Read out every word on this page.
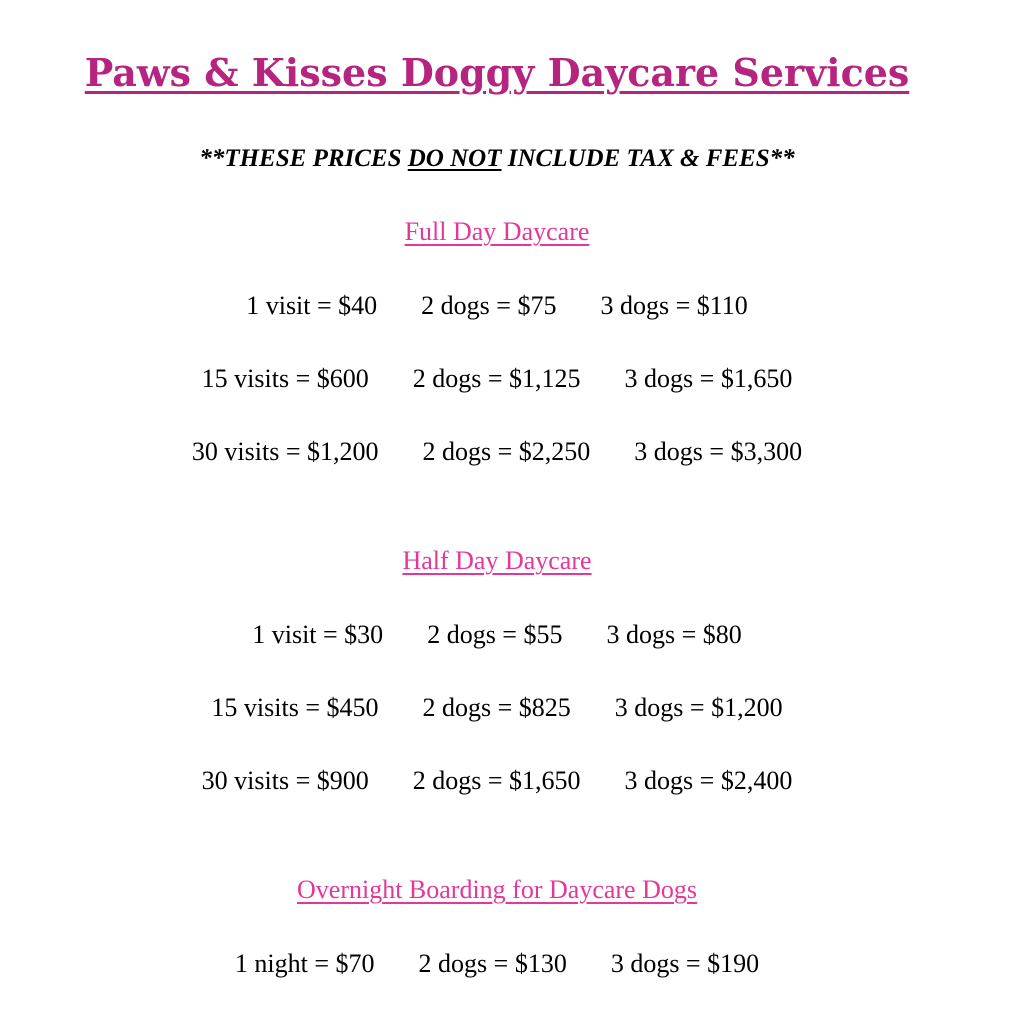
Paws & Kisses Doggy Daycare Services
**THESE PRICES DO NOT INCLUDE TAX & FEES**
Full Day Daycare
1 visit = $40 2 dogs = $75 3 dogs = $110
15 visits = $600 2 dogs = $1,125 3 dogs = $1,650
30 visits = $1,200 2 dogs = $2,250 3 dogs = $3,300
Half Day Daycare
1 visit = $30 2 dogs = $55 3 dogs = $80
15 visits = $450 2 dogs = $825 3 dogs = $1,200
30 visits = $900 2 dogs = $1,650 3 dogs = $2,400
Overnight Boarding for Daycare Dogs
1 night = $70 2 dogs = $130 3 dogs = $190
